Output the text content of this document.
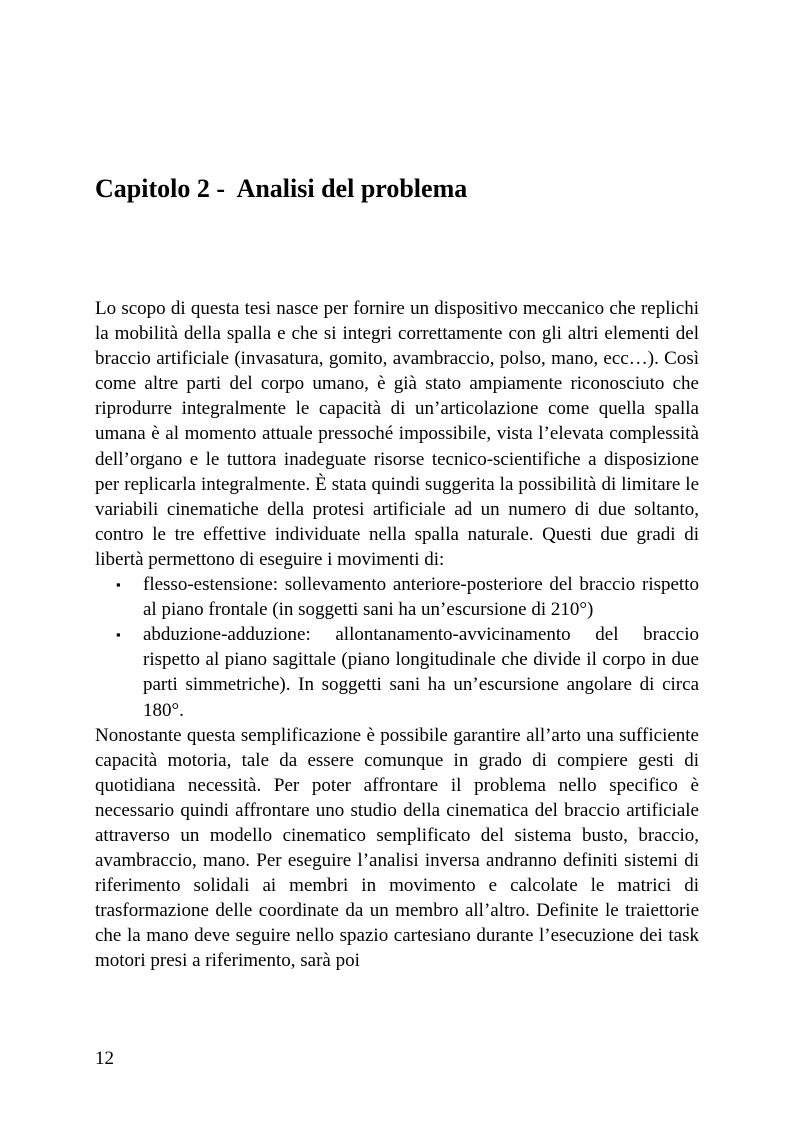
Capitolo 2 -  Analisi del problema

Lo scopo di questa tesi nasce per fornire un dispositivo meccanico che replichi la mobilità della spalla e che si integri correttamente con gli altri elementi del braccio artificiale (invasatura, gomito, avambraccio, polso, mano, ecc…). Così come altre parti del corpo umano, è già stato ampiamente riconosciuto che riprodurre integralmente le capacità di un’articolazione come quella spalla umana è al momento attuale pressoché impossibile, vista l’elevata complessità dell’organo e le tuttora inadeguate risorse tecnico-scientifiche a disposizione per replicarla integralmente. È stata quindi suggerita la possibilità di limitare le variabili cinematiche della protesi artificiale ad un numero di due soltanto, contro le tre effettive individuate nella spalla naturale. Questi due gradi di libertà permettono di eseguire i movimenti di:

▪ flesso-estensione: sollevamento anteriore-posteriore del braccio rispetto al piano frontale (in soggetti sani ha un’escursione di 210°)
▪ abduzione-adduzione: allontanamento-avvicinamento del braccio rispetto al piano sagittale (piano longitudinale che divide il corpo in due parti simmetriche). In soggetti sani ha un’escursione angolare di circa 180°.

Nonostante questa semplificazione è possibile garantire all’arto una sufficiente capacità motoria, tale da essere comunque in grado di compiere gesti di quotidiana necessità. Per poter affrontare il problema nello specifico è necessario quindi affrontare uno studio della cinematica del braccio artificiale attraverso un modello cinematico semplificato del sistema busto, braccio, avambraccio, mano. Per eseguire l’analisi inversa andranno definiti sistemi di riferimento solidali ai membri in movimento e calcolate le matrici di trasformazione delle coordinate da un membro all’altro. Definite le traiettorie che la mano deve seguire nello spazio cartesiano durante l’esecuzione dei task motori presi a riferimento, sarà poi

12
